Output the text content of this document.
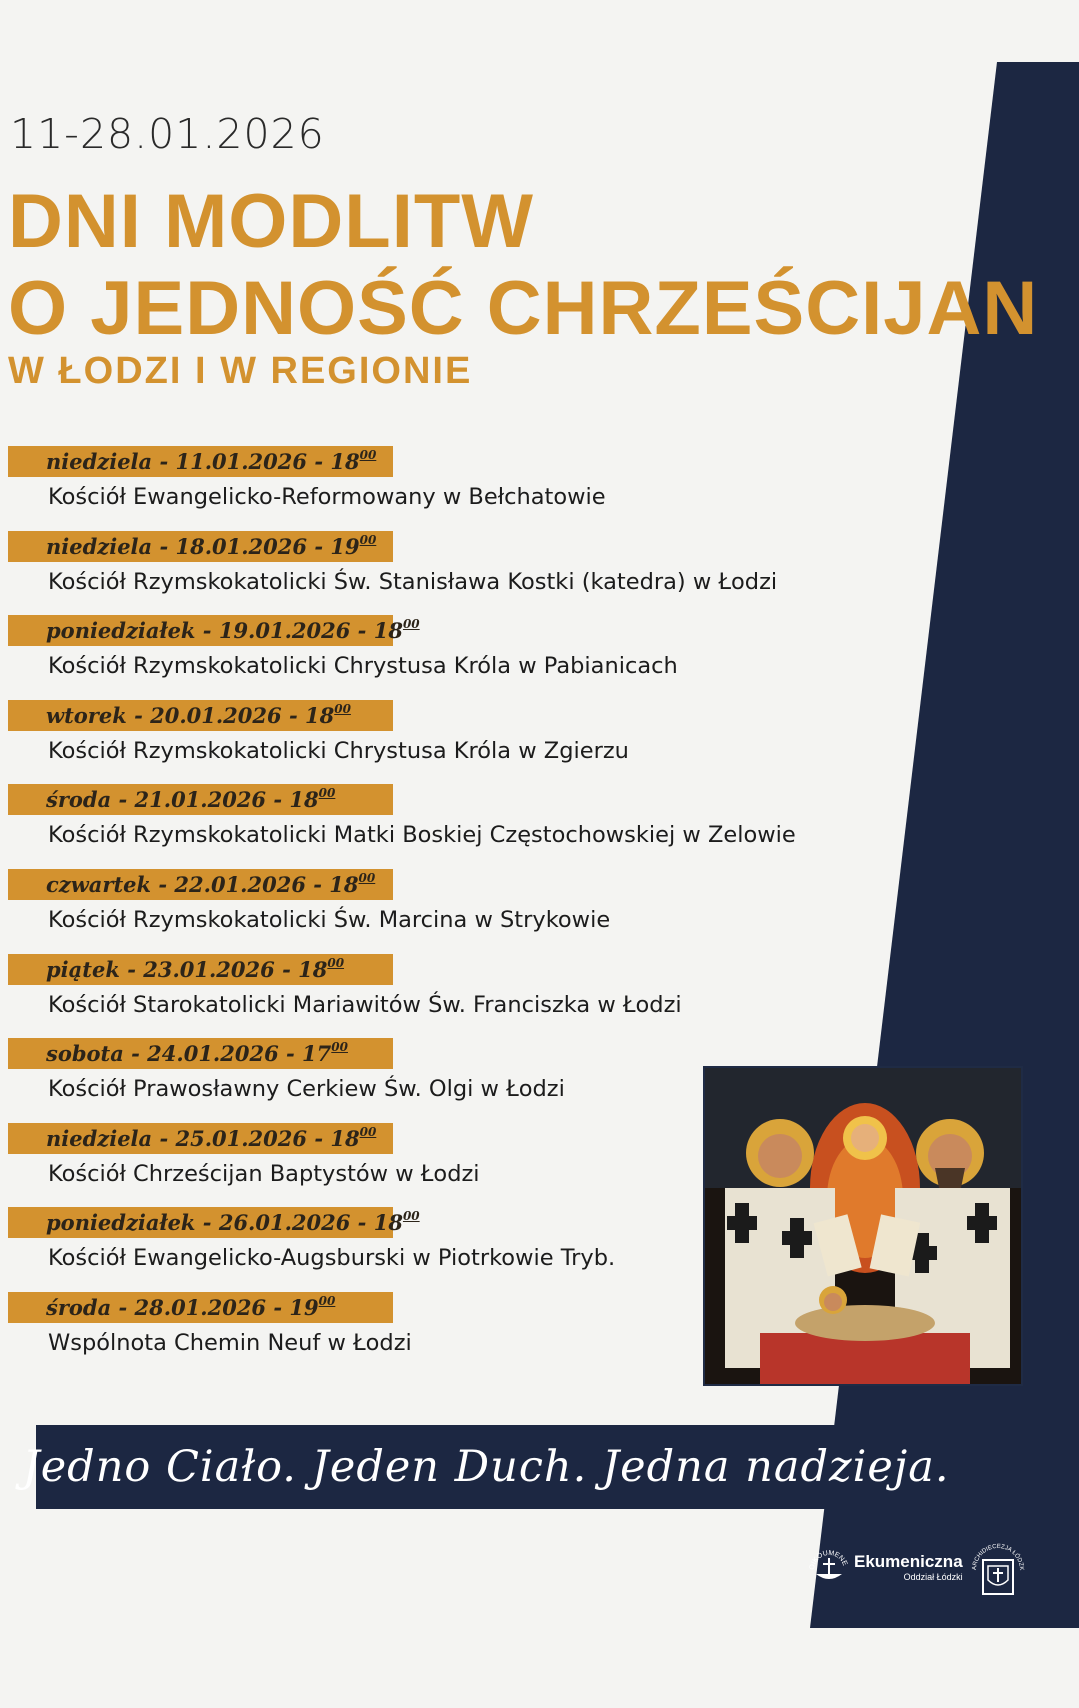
11-28.01.2026
DNI MODLITW
O JEDNOŚĆ CHRZEŚCIJAN
W ŁODZI I W REGIONIE
niedziela - $11.01.2026 - 18^{00}$
Kościół Ewangelicko-Reformowany w Bełchatowie
niedziela - $18.01.2026 - 19^{00}$
Kościół Rzymskokatolicki Św. Stanisława Kostki (katedra) w Łodzi
poniedziałek - $19.01.2026 - 18^{00}$
Kościół Rzymskokatolicki Chrystusa Króla w Pabianicach
wtorek - $20.01.2026 - 18^{00}$
Kościół Rzymskokatolicki Chrystusa Króla w Zgierzu
środa - $21.01.2026 - 18^{00}$
Kościół Rzymskokatolicki Matki Boskiej Częstochowskiej w Zelowie
czwartek - $22.01.2026 - 18^{00}$
Kościół Rzymskokatolicki Św. Marcina w Strykowie
piątek - $23.01.2026 - 18^{00}$
Kościół Starokatolicki Mariawitów Św. Franciszka w Łodzi
sobota - $24.01.2026 - 17^{00}$
Kościół Prawosławny Cerkiew Św. Olgi w Łodzi
niedziela - $25.01.2026 - 18^{00}$
Kościół Chrześcijan Baptystów w Łodzi
poniedziałek - $26.01.2026 - 18^{00}$
Kościół Ewangelicko-Augsburski w Piotrkowie Tryb.
środa - $28.01.2026 - 19^{00}$
Wspólnota Chemin Neuf w Łodzi
Jedno Ciało. Jeden Duch. Jedna nadzieja.
OIKOUMENE Ekumeniczna
Oddział Łódzki
ARCHIDIECEZJA ŁÓDZK
